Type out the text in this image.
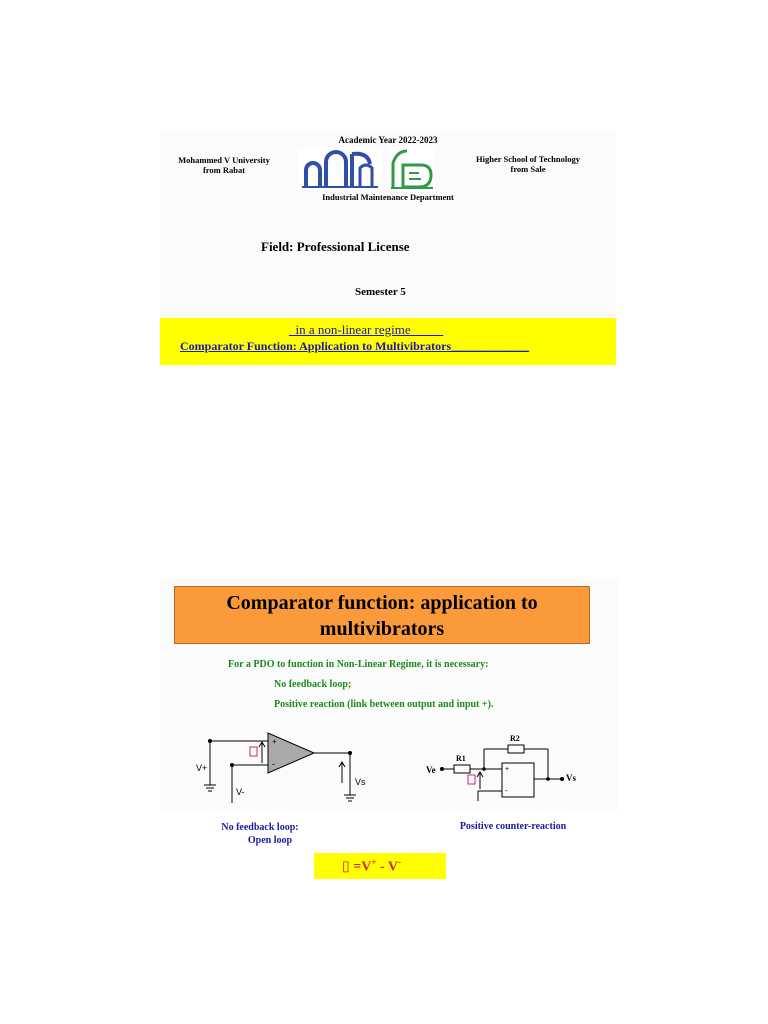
Academic Year 2022-2023
Mohammed V University
from Rabat
Higher School of Technology
from Sale
Industrial Maintenance Department
Field: Professional License
Semester 5
_in a non-linear regime_____
Comparator Function: Application to Multivibrators_____________
Comparator function: application to multivibrators
For a PDO to function in Non-Linear Regime, it is necessary:
No feedback loop;
Positive reaction (link between output and input +).
+
-
V+
V-
Vs
+
-
Ve
R1
R2
Vs
No feedback loop:
Open loop
Positive counter-reaction
▯ =V+ - V-
